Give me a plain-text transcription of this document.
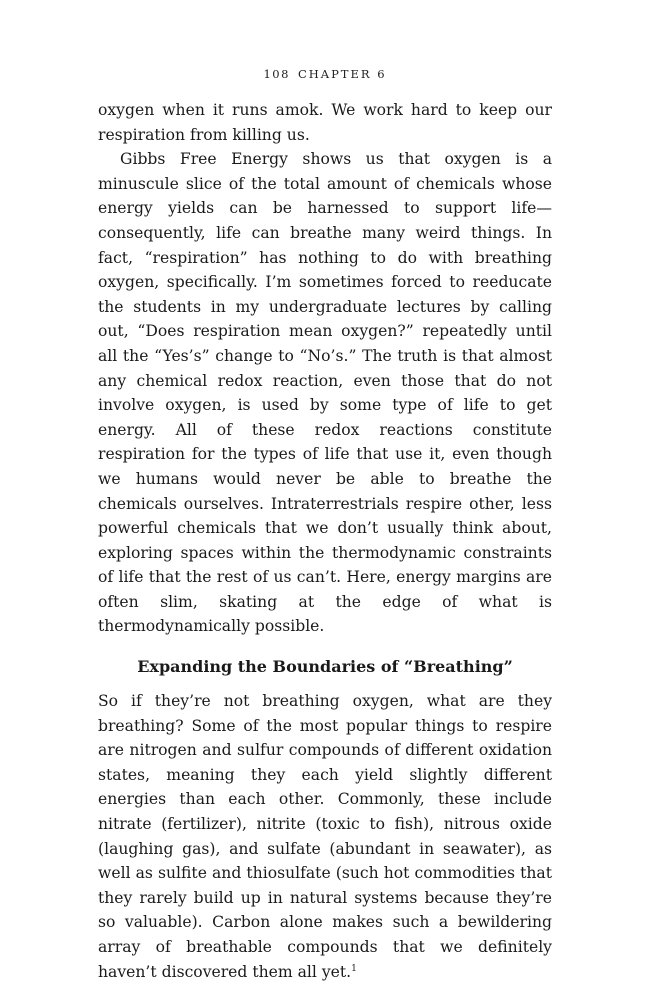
108 CHAPTER 6

oxygen when it runs amok. We work hard to keep our respiration from killing us.

Gibbs Free Energy shows us that oxygen is a minuscule slice of the total amount of chemicals whose energy yields can be harnessed to support life—consequently, life can breathe many weird things. In fact, “respiration” has nothing to do with breathing oxygen, specifically. I’m sometimes forced to reeducate the students in my undergraduate lectures by calling out, “Does respiration mean oxygen?” repeatedly until all the “Yes’s” change to “No’s.” The truth is that almost any chemical redox reaction, even those that do not involve oxygen, is used by some type of life to get energy. All of these redox reactions constitute respiration for the types of life that use it, even though we humans would never be able to breathe the chemicals ourselves. Intraterrestrials respire other, less powerful chemicals that we don’t usually think about, exploring spaces within the thermodynamic constraints of life that the rest of us can’t. Here, energy margins are often slim, skating at the edge of what is thermodynamically possible.

Expanding the Boundaries of “Breathing”

So if they’re not breathing oxygen, what are they breathing? Some of the most popular things to respire are nitrogen and sulfur compounds of different oxidation states, meaning they each yield slightly different energies than each other. Commonly, these include nitrate (fertilizer), nitrite (toxic to fish), nitrous oxide (laughing gas), and sulfate (abundant in seawater), as well as sulfite and thiosulfate (such hot commodities that they rarely build up in natural systems because they’re so valuable). Carbon alone makes such a bewildering array of breathable compounds that we definitely haven’t discovered them all yet.$^1$
